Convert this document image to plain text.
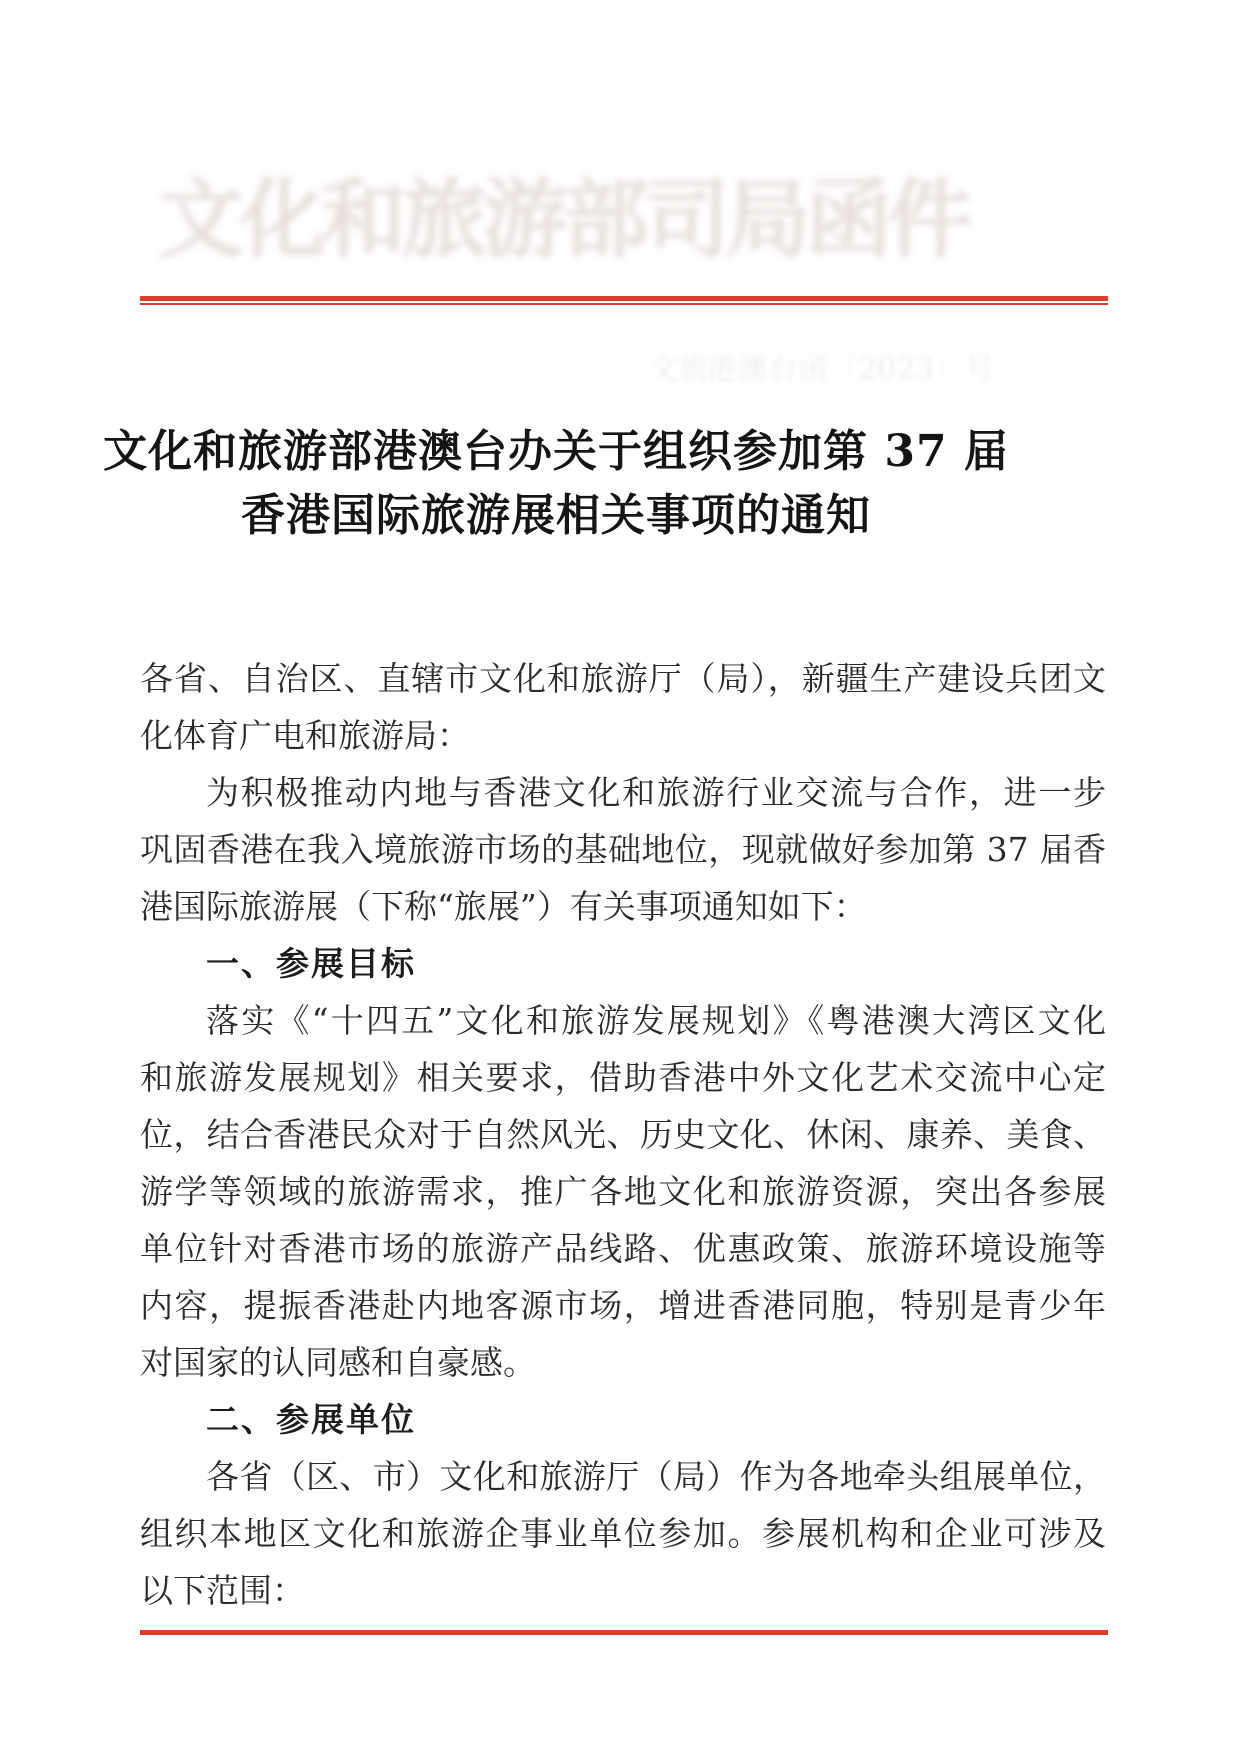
文化和旅游部司局函件
文旅港澳台函〔2023〕号
文化和旅游部港澳台办关于组织参加第 37 届
香港国际旅游展相关事项的通知
各省、自治区、直辖市文化和旅游厅（局），新疆生产建设兵团文
化体育广电和旅游局：
为积极推动内地与香港文化和旅游行业交流与合作，进一步
巩固香港在我入境旅游市场的基础地位，现就做好参加第 37 届香
港国际旅游展（下称“旅展”）有关事项通知如下：
一、参展目标
落实《“十四五”文化和旅游发展规划》《粤港澳大湾区文化
和旅游发展规划》相关要求，借助香港中外文化艺术交流中心定
位，结合香港民众对于自然风光、历史文化、休闲、康养、美食、
游学等领域的旅游需求，推广各地文化和旅游资源，突出各参展
单位针对香港市场的旅游产品线路、优惠政策、旅游环境设施等
内容，提振香港赴内地客源市场，增进香港同胞，特别是青少年
对国家的认同感和自豪感。
二、参展单位
各省（区、市）文化和旅游厅（局）作为各地牵头组展单位，
组织本地区文化和旅游企事业单位参加。参展机构和企业可涉及
以下范围：
